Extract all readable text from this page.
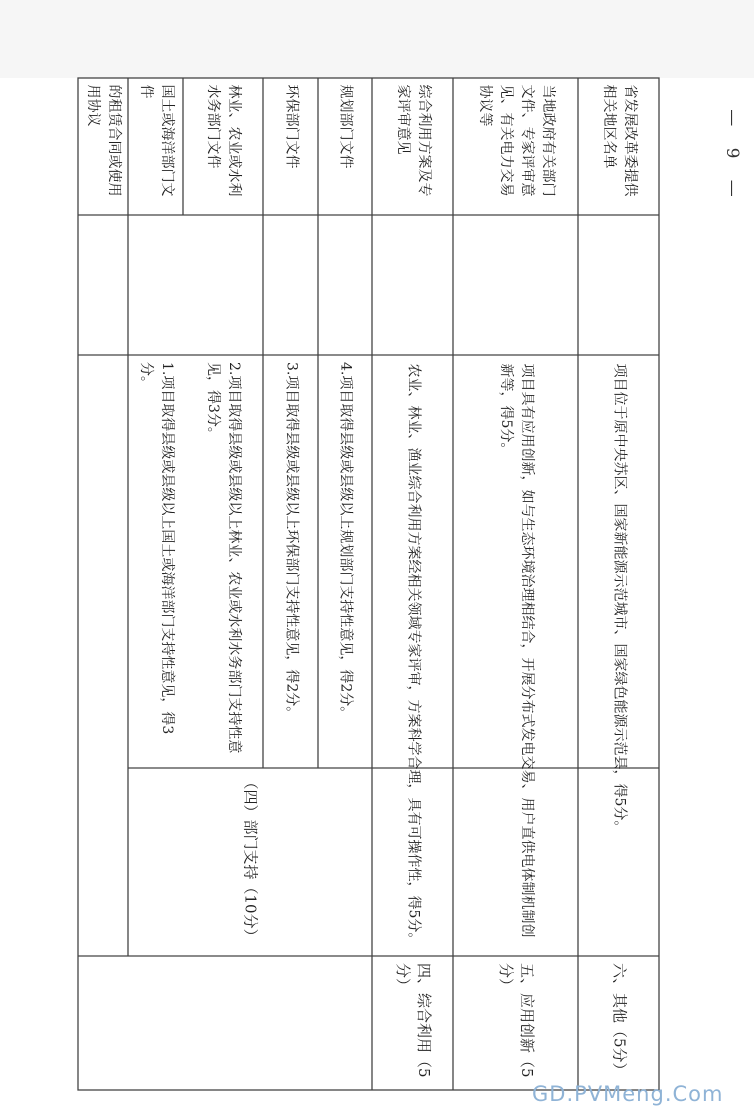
的租赁合同或使用用协议
（四）部门支持（10分）
1.项目取得县级或县级以上国土或海洋部门支持性意见，得3分。
国土或海洋部门文件
2.项目取得县级或县级以上林业、农业或水利水务部门支持性意见，得3分。
林业、农业或水利水务部门文件
3.项目取得县级或县级以上环保部门支持性意见，得2分。
环保部门文件
4.项目取得县级或县级以上规划部门支持性意见，得2分。
规划部门文件
四、综合利用（5分）
农业、林业、渔业综合利用方案经相关领域专家评审，方案科学合理，具有可操作性，得5分。
综合利用方案及专家评审意见
五、应用创新（5分）
项目具有应用创新，如与生态环境治理相结合，开展分布式发电交易、用户直供电体制机制创新等，得5分。
当地政府有关部门文件、专家评审意见、有关电力交易协议等
六、其他（5分）
项目位于原中央苏区、国家新能源示范城市、国家绿色能源示范县，得5分。
省发展改革委提供相关地区名单	— 9 —
GD.PVMeng.Com
